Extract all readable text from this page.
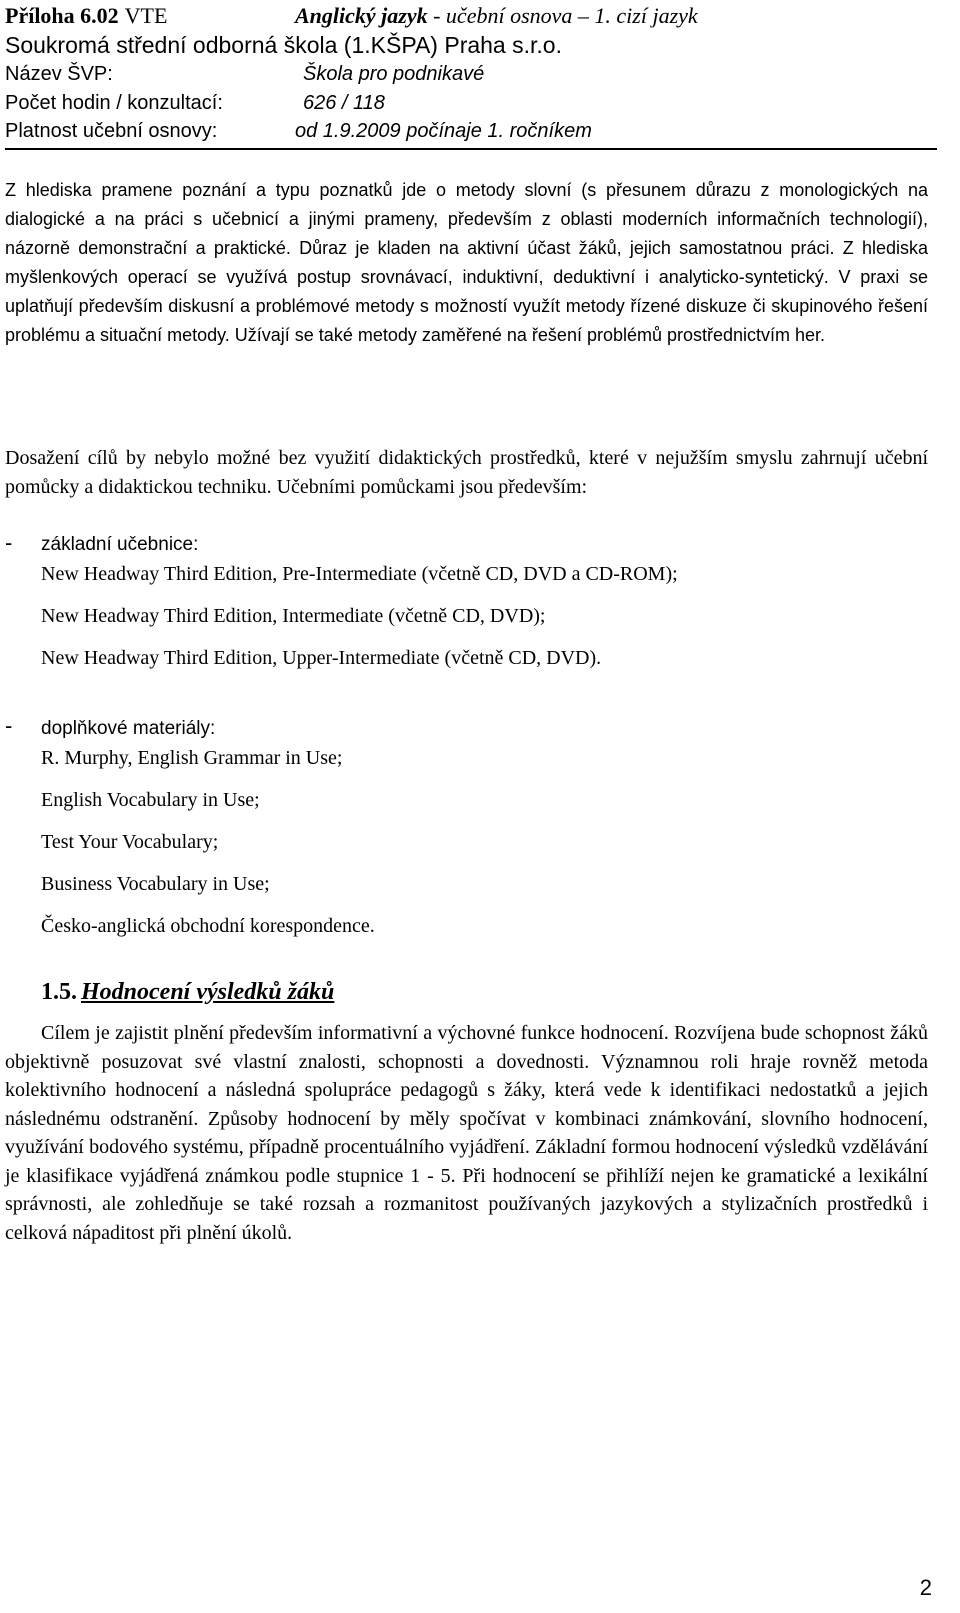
Příloha 6.02 VTE	Anglický jazyk - učební osnova – 1. cizí jazyk
Soukromá střední odborná škola (1.KŠPA) Praha s.r.o.
Název ŠVP:	Škola pro podnikavé
Počet hodin / konzultací:	626 / 118
Platnost učební osnovy:	od 1.9.2009 počínaje 1. ročníkem
Z hlediska pramene poznání a typu poznatků jde o metody slovní (s přesunem důrazu z monologických na dialogické a na práci s učebnicí a jinými prameny, především z oblasti moderních informačních technologií), názorně demonstrační a praktické. Důraz je kladen na aktivní účast žáků, jejich samostatnou práci. Z hlediska myšlenkových operací se využívá postup srovnávací, induktivní, deduktivní i analyticko-syntetický. V praxi se uplatňují především diskusní a problémové metody s možností využít metody řízené diskuze či skupinového řešení problému a situační metody. Užívají se také metody zaměřené na řešení problémů prostřednictvím her.
Dosažení cílů by nebylo možné bez využití didaktických prostředků, které v nejužším smyslu zahrnují učební pomůcky a didaktickou techniku. Učebními pomůckami jsou především:
- základní učebnice:
New Headway Third Edition, Pre-Intermediate (včetně CD, DVD a CD-ROM);
New Headway Third Edition, Intermediate (včetně CD, DVD);
New Headway Third Edition, Upper-Intermediate (včetně CD, DVD).
- doplňkové materiály:
R. Murphy, English Grammar in Use;
English Vocabulary in Use;
Test Your Vocabulary;
Business Vocabulary in Use;
Česko-anglická obchodní korespondence.
1.5. Hodnocení výsledků žáků
Cílem je zajistit plnění především informativní a výchovné funkce hodnocení. Rozvíjena bude schopnost žáků objektivně posuzovat své vlastní znalosti, schopnosti a dovednosti. Významnou roli hraje rovněž metoda kolektivního hodnocení a následná spolupráce pedagogů s žáky, která vede k identifikaci nedostatků a jejich následnému odstranění. Způsoby hodnocení by měly spočívat v kombinaci známkování, slovního hodnocení, využívání bodového systému, případně procentuálního vyjádření. Základní formou hodnocení výsledků vzdělávání je klasifikace vyjádřená známkou podle stupnice 1 - 5. Při hodnocení se přihlíží nejen ke gramatické a lexikální správnosti, ale zohledňuje se také rozsah a rozmanitost používaných jazykových a stylizačních prostředků i celková nápaditost při plnění úkolů.
2
